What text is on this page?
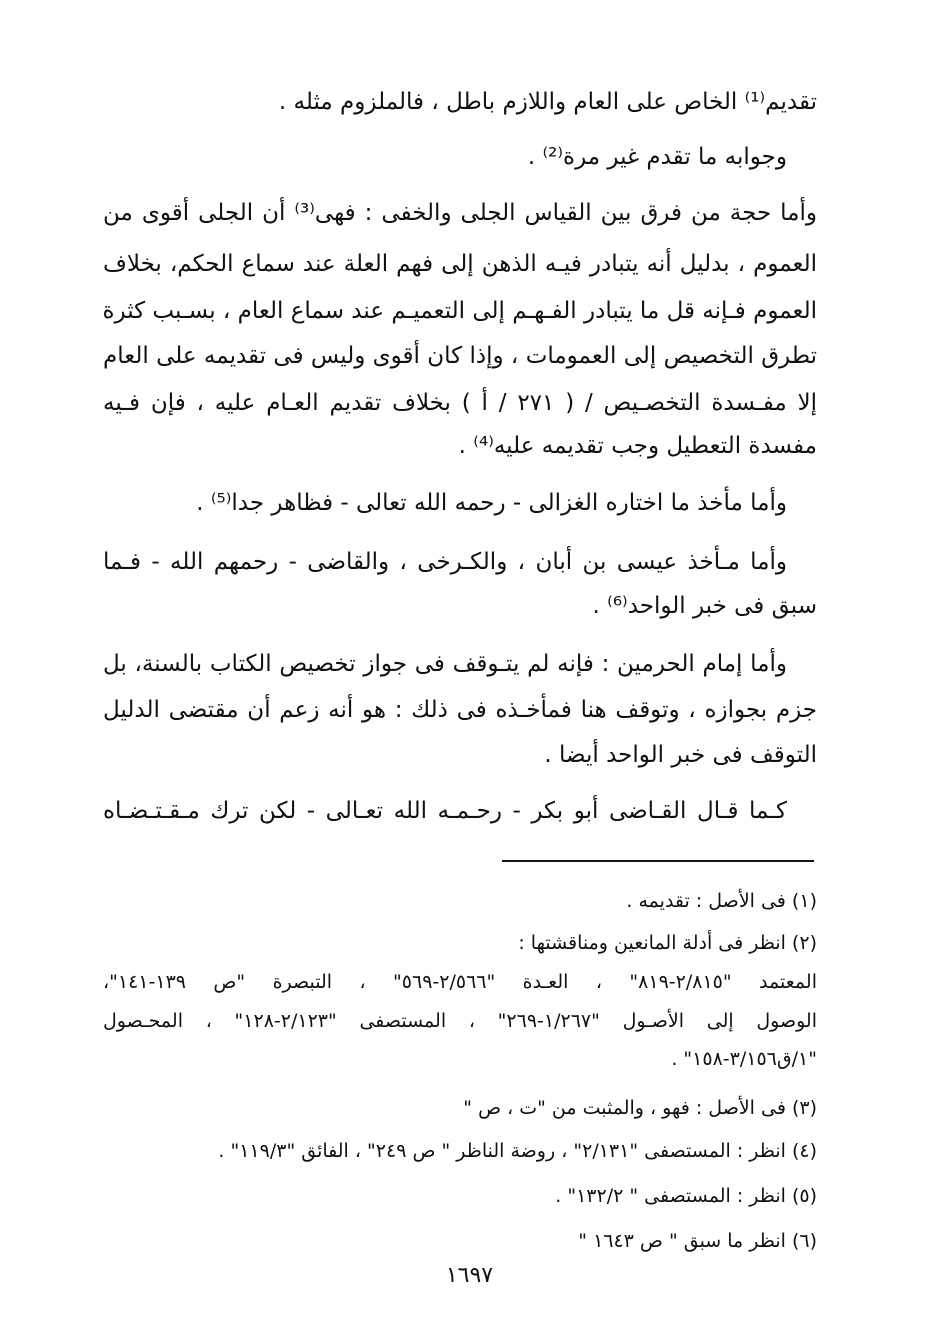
تقديم⁽¹⁾ الخاص على العام واللازم باطل ، فالملزوم مثله .
وجوابه ما تقدم غير مرة⁽²⁾ .
وأما حجة من فرق بين القياس الجلى والخفى : فهى⁽³⁾ أن الجلى أقوى من
العموم ، بدليل أنه يتبادر فيـه الذهن إلى فهم العلة عند سماع الحكم، بخلاف
العموم فـإنه قل ما يتبادر الفـهـم إلى التعميـم عند سماع العام ، بسـبب كثرة
تطرق التخصيص إلى العمومات ، وإذا كان أقوى وليس فى تقديمه على العام
إلا مفـسدة التخصـيص / ( ٢٧١ / أ ) بخلاف تقديم العـام عليه ، فإن فـيه
مفسدة التعطيل وجب تقديمه عليه⁽⁴⁾ .
وأما مأخذ ما اختاره الغزالى - رحمه الله تعالى - فظاهر جدا⁽⁵⁾ .
وأما مـأخذ عيسى بن أبان ، والكـرخى ، والقاضى - رحمهم الله - فـما
سبق فى خبر الواحد⁽⁶⁾ .
وأما إمام الحرمين : فإنه لم يتـوقف فى جواز تخصيص الكتاب بالسنة، بل
جزم بجوازه ، وتوقف هنا فمأخـذه فى ذلك : هو أنه زعم أن مقتضى الدليل
التوقف فى خبر الواحد أيضا .
كـما قـال القـاضى أبو بكر - رحـمـه الله تعـالى - لكن ترك مـقـتـضـاه
(١) فى الأصل : تقديمه .
(٢) انظر فى أدلة المانعين ومناقشتها :
المعتمد "٢/٨١٥-٨١٩" ، العـدة "٢/٥٦٦-٥٦٩" ، التبصرة "ص ١٣٩-١٤١"،
الوصول إلى الأصـول "١/٢٦٧-٢٦٩" ، المستصفى "٢/١٢٣-١٢٨" ، المحـصول
"١/ق٣/١٥٦-١٥٨" .
(٣) فى الأصل : فهو ، والمثبت من "ت ، ص "
(٤) انظر : المستصفى "٢/١٣١" ، روضة الناظر " ص ٢٤٩" ، الفائق "١١٩/٣" .
(٥) انظر : المستصفى " ١٣٢/٢" .
(٦) انظر ما سبق " ص ١٦٤٣ "
١٦٩٧
